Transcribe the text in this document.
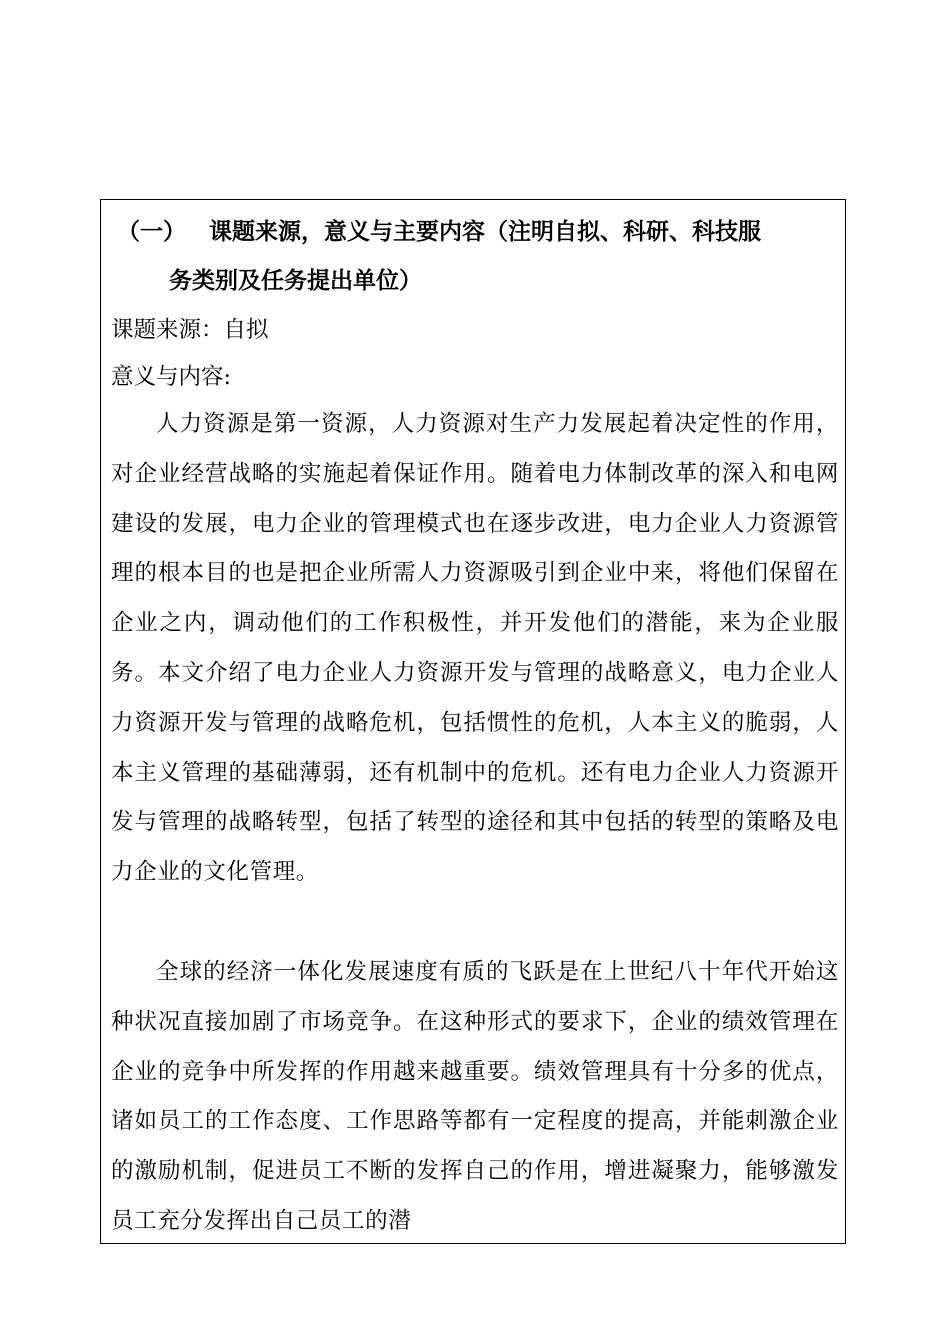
（一） 课题来源，意义与主要内容（注明自拟、科研、科技服
务类别及任务提出单位）
课题来源：自拟
意义与内容:

人力资源是第一资源，人力资源对生产力发展起着决定性的作用，对企业经营战略的实施起着保证作用。随着电力体制改革的深入和电网建设的发展，电力企业的管理模式也在逐步改进，电力企业人力资源管理的根本目的也是把企业所需人力资源吸引到企业中来，将他们保留在企业之内，调动他们的工作积极性，并开发他们的潜能，来为企业服务。本文介绍了电力企业人力资源开发与管理的战略意义，电力企业人力资源开发与管理的战略危机，包括惯性的危机，人本主义的脆弱，人本主义管理的基础薄弱，还有机制中的危机。还有电力企业人力资源开发与管理的战略转型，包括了转型的途径和其中包括的转型的策略及电力企业的文化管理。

全球的经济一体化发展速度有质的飞跃是在上世纪八十年代开始这种状况直接加剧了市场竞争。在这种形式的要求下，企业的绩效管理在企业的竞争中所发挥的作用越来越重要。绩效管理具有十分多的优点，诸如员工的工作态度、工作思路等都有一定程度的提高，并能刺激企业的激励机制，促进员工不断的发挥自己的作用，增进凝聚力，能够激发员工充分发挥出自己员工的潜
